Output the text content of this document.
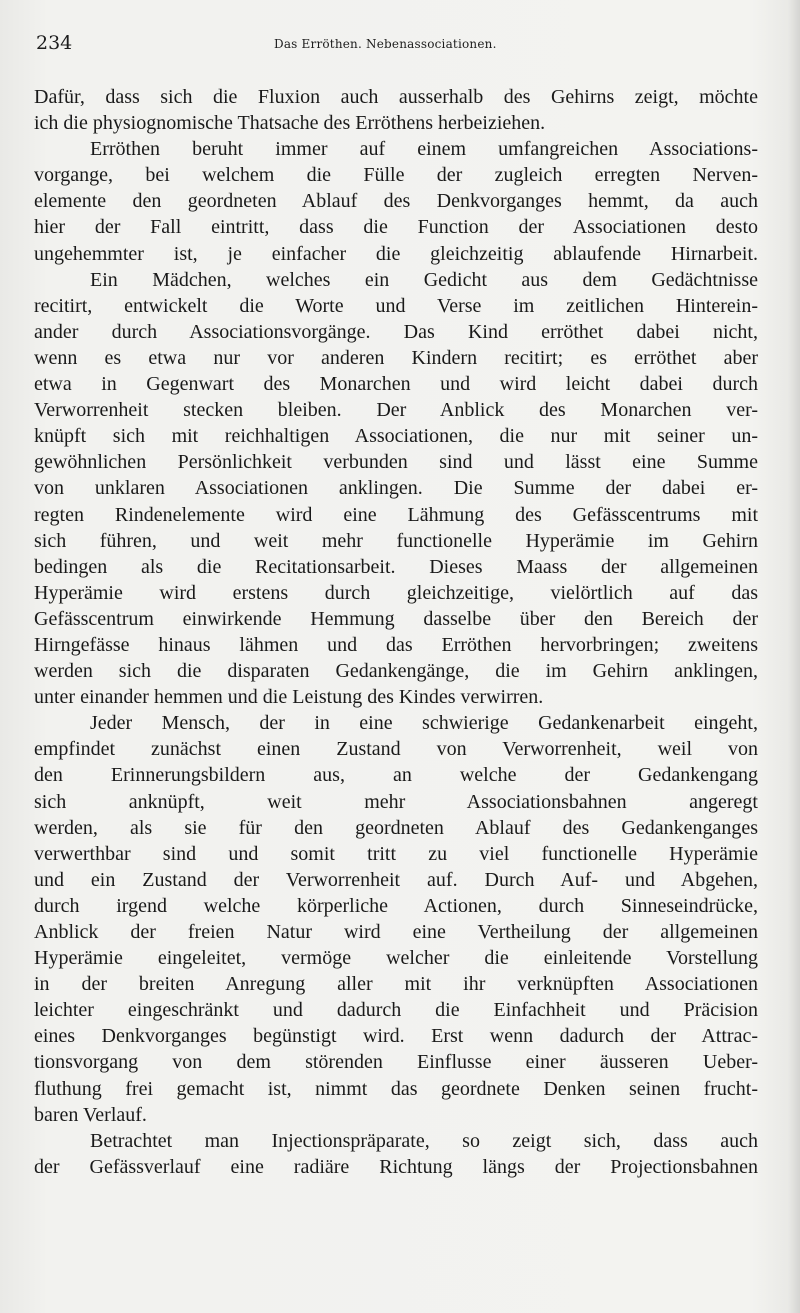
234	Das Erröthen. Nebenassociationen.
Dafür, dass sich die Fluxion auch ausserhalb des Gehirns zeigt, möchte
ich die physiognomische Thatsache des Erröthens herbeiziehen.
Erröthen beruht immer auf einem umfangreichen Associations-
vorgange, bei welchem die Fülle der zugleich erregten Nerven-
elemente den geordneten Ablauf des Denkvorganges hemmt, da auch
hier der Fall eintritt, dass die Function der Associationen desto
ungehemmter ist, je einfacher die gleichzeitig ablaufende Hirnarbeit.
Ein Mädchen, welches ein Gedicht aus dem Gedächtnisse
recitirt, entwickelt die Worte und Verse im zeitlichen Hinterein-
ander durch Associationsvorgänge. Das Kind erröthet dabei nicht,
wenn es etwa nur vor anderen Kindern recitirt; es erröthet aber
etwa in Gegenwart des Monarchen und wird leicht dabei durch
Verworrenheit stecken bleiben. Der Anblick des Monarchen ver-
knüpft sich mit reichhaltigen Associationen, die nur mit seiner un-
gewöhnlichen Persönlichkeit verbunden sind und lässt eine Summe
von unklaren Associationen anklingen. Die Summe der dabei er-
regten Rindenelemente wird eine Lähmung des Gefässcentrums mit
sich führen, und weit mehr functionelle Hyperämie im Gehirn
bedingen als die Recitationsarbeit. Dieses Maass der allgemeinen
Hyperämie wird erstens durch gleichzeitige, vielörtlich auf das
Gefässcentrum einwirkende Hemmung dasselbe über den Bereich der
Hirngefässe hinaus lähmen und das Erröthen hervorbringen; zweitens
werden sich die disparaten Gedankengänge, die im Gehirn anklingen,
unter einander hemmen und die Leistung des Kindes verwirren.
Jeder Mensch, der in eine schwierige Gedankenarbeit eingeht,
empfindet zunächst einen Zustand von Verworrenheit, weil von
den Erinnerungsbildern aus, an welche der Gedankengang
sich anknüpft, weit mehr Associationsbahnen angeregt
werden, als sie für den geordneten Ablauf des Gedankenganges
verwerthbar sind und somit tritt zu viel functionelle Hyperämie
und ein Zustand der Verworrenheit auf. Durch Auf- und Abgehen,
durch irgend welche körperliche Actionen, durch Sinneseindrücke,
Anblick der freien Natur wird eine Vertheilung der allgemeinen
Hyperämie eingeleitet, vermöge welcher die einleitende Vorstellung
in der breiten Anregung aller mit ihr verknüpften Associationen
leichter eingeschränkt und dadurch die Einfachheit und Präcision
eines Denkvorganges begünstigt wird. Erst wenn dadurch der Attrac-
tionsvorgang von dem störenden Einflusse einer äusseren Ueber-
fluthung frei gemacht ist, nimmt das geordnete Denken seinen frucht-
baren Verlauf.
Betrachtet man Injectionspräparate, so zeigt sich, dass auch
der Gefässverlauf eine radiäre Richtung längs der Projectionsbahnen
